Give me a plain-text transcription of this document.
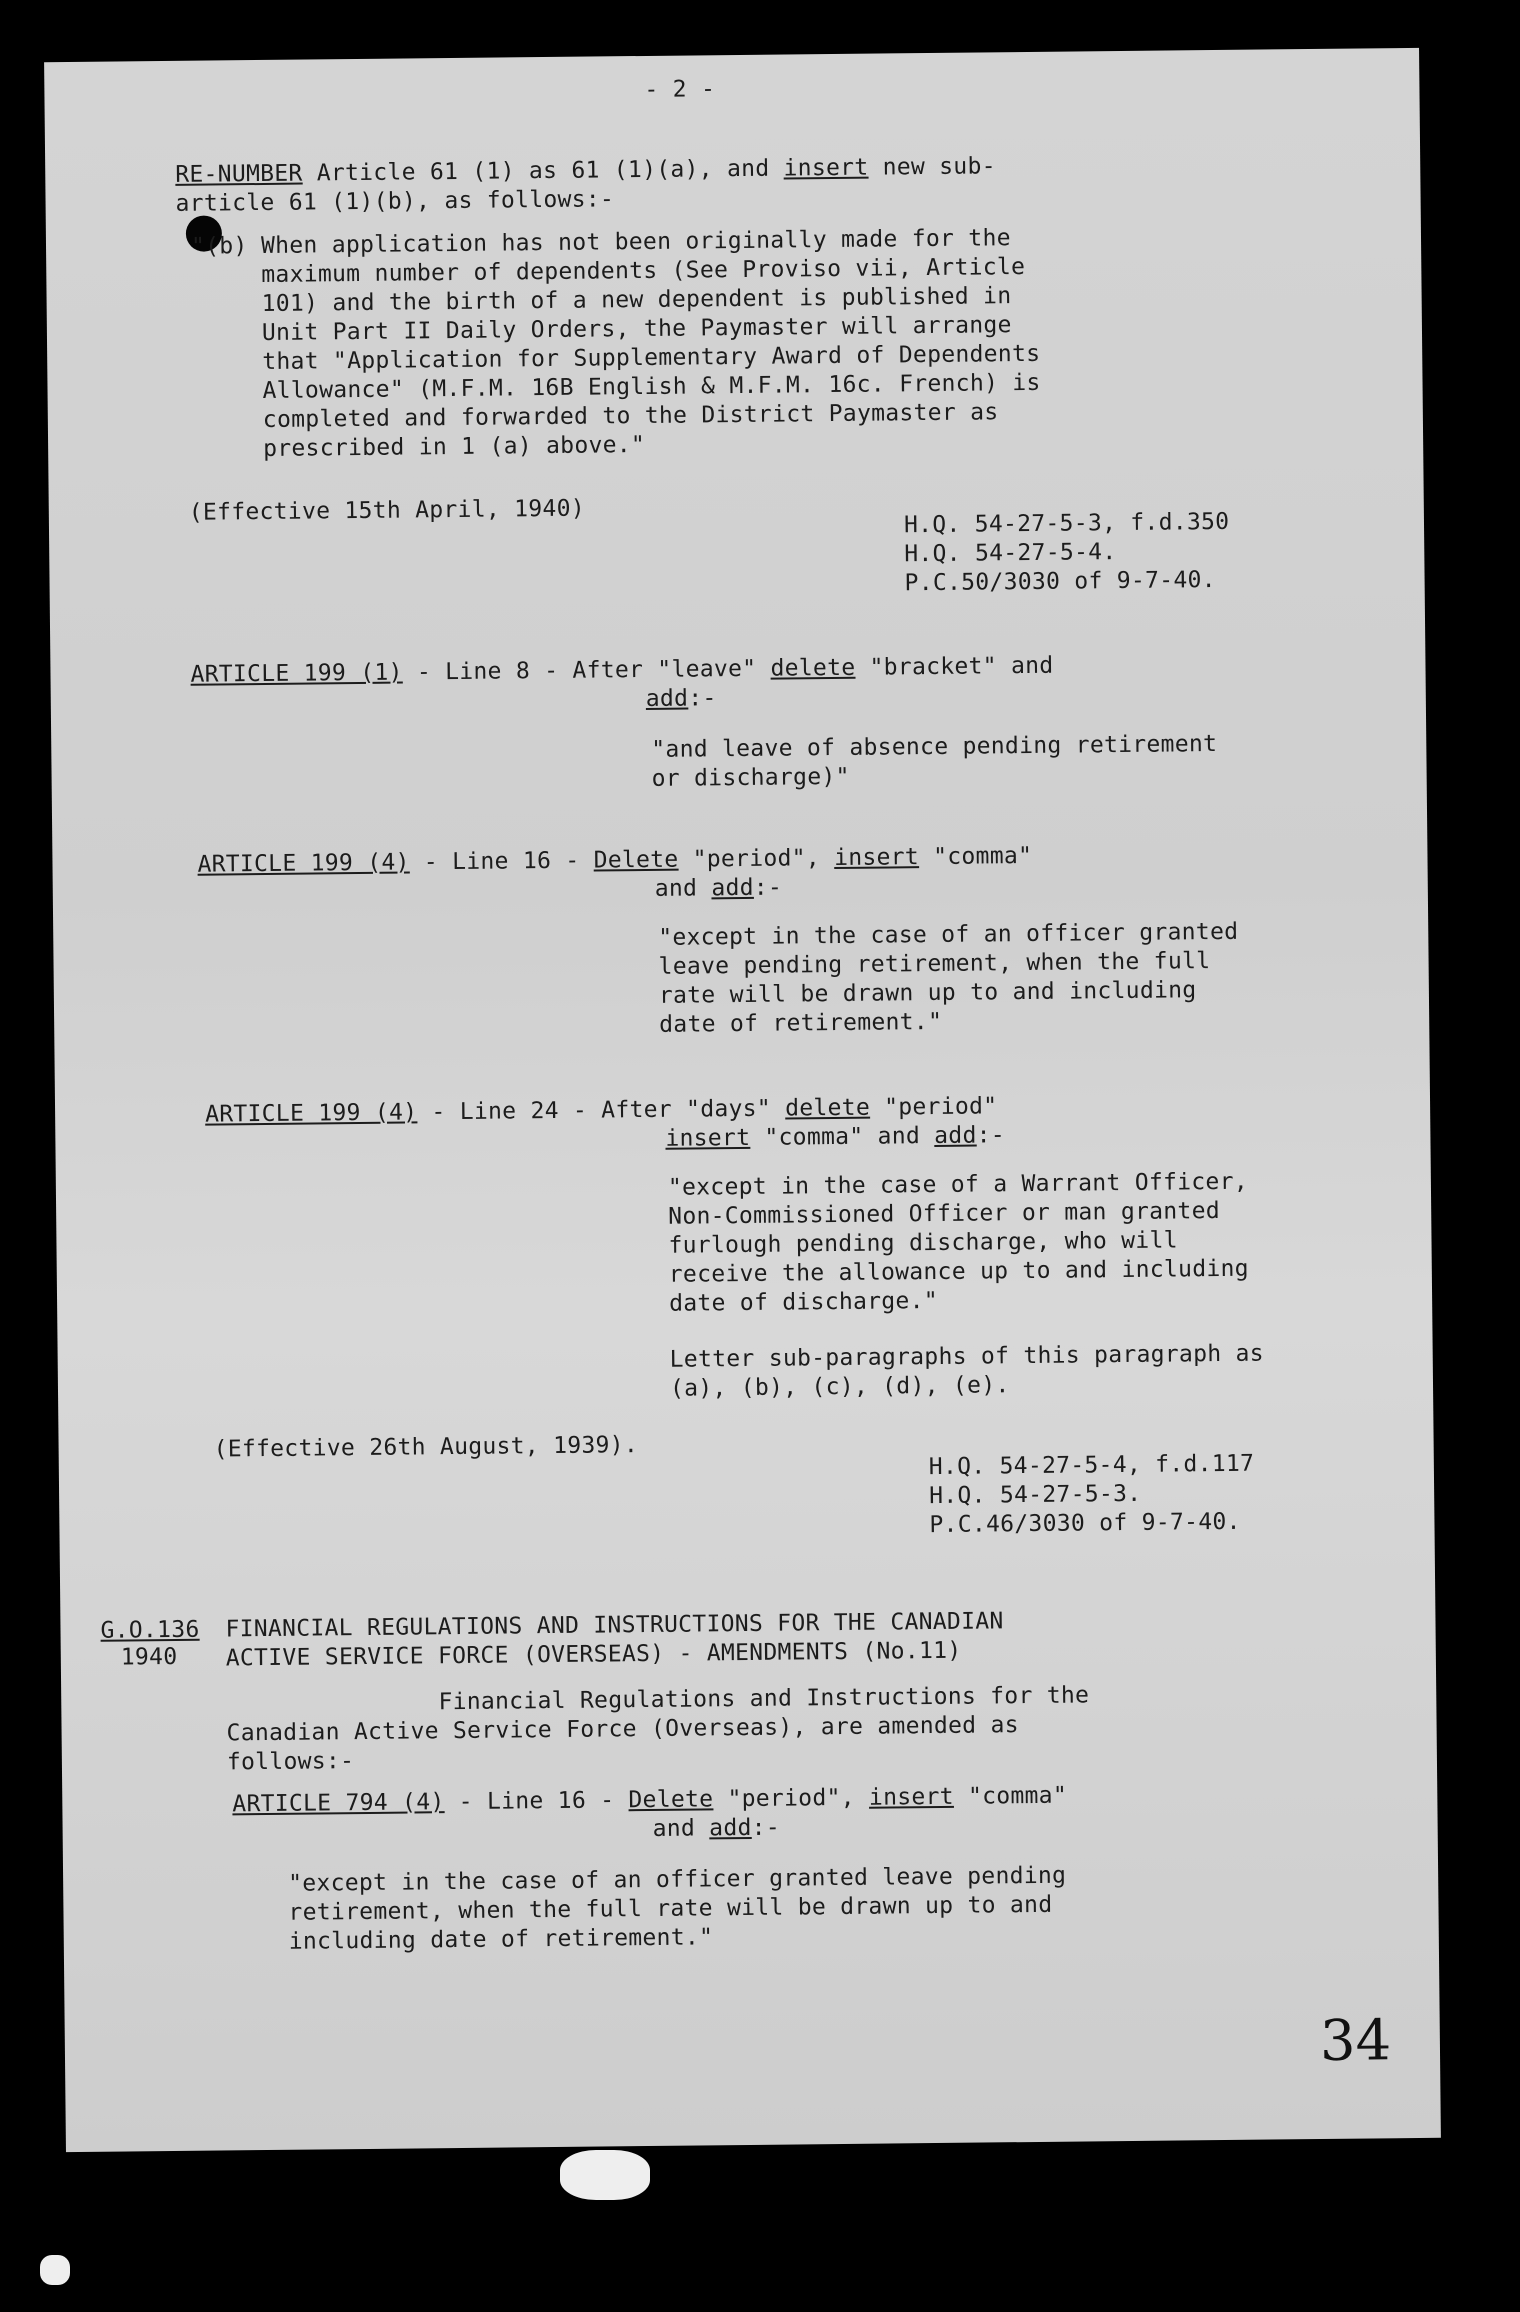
- 2 -
RE-NUMBER Article 61 (1) as 61 (1)(a), and insert new sub-
article 61 (1)(b), as follows:-
"(b) When application has not been originally made for the
maximum number of dependents (See Proviso vii, Article
101) and the birth of a new dependent is published in
Unit Part II Daily Orders, the Paymaster will arrange
that "Application for Supplementary Award of Dependents
Allowance" (M.F.M. 16B English & M.F.M. 16c. French) is
completed and forwarded to the District Paymaster as
prescribed in 1 (a) above."
(Effective 15th April, 1940)	H.Q. 54-27-5-3, f.d.350
H.Q. 54-27-5-4.
P.C.50/3030 of 9-7-40.
ARTICLE 199 (1) - Line 8 - After "leave" delete "bracket" and
add:-
"and leave of absence pending retirement
or discharge)"
ARTICLE 199 (4) - Line 16 - Delete "period", insert "comma"
and add:-
"except in the case of an officer granted
leave pending retirement, when the full
rate will be drawn up to and including
date of retirement."
ARTICLE 199 (4) - Line 24 - After "days" delete "period"
insert "comma" and add:-
"except in the case of a Warrant Officer,
Non-Commissioned Officer or man granted
furlough pending discharge, who will
receive the allowance up to and including
date of discharge."
Letter sub-paragraphs of this paragraph as
(a), (b), (c), (d), (e).
(Effective 26th August, 1939).
H.Q. 54-27-5-4, f.d.117
H.Q. 54-27-5-3.
P.C.46/3030 of 9-7-40.
G.O.136
1940
FINANCIAL REGULATIONS AND INSTRUCTIONS FOR THE CANADIAN
ACTIVE SERVICE FORCE (OVERSEAS) - AMENDMENTS (No.11)
Financial Regulations and Instructions for the
Canadian Active Service Force (Overseas), are amended as
follows:-
ARTICLE 794 (4) - Line 16 - Delete "period", insert "comma"
and add:-
"except in the case of an officer granted leave pending
retirement, when the full rate will be drawn up to and
including date of retirement."
34
